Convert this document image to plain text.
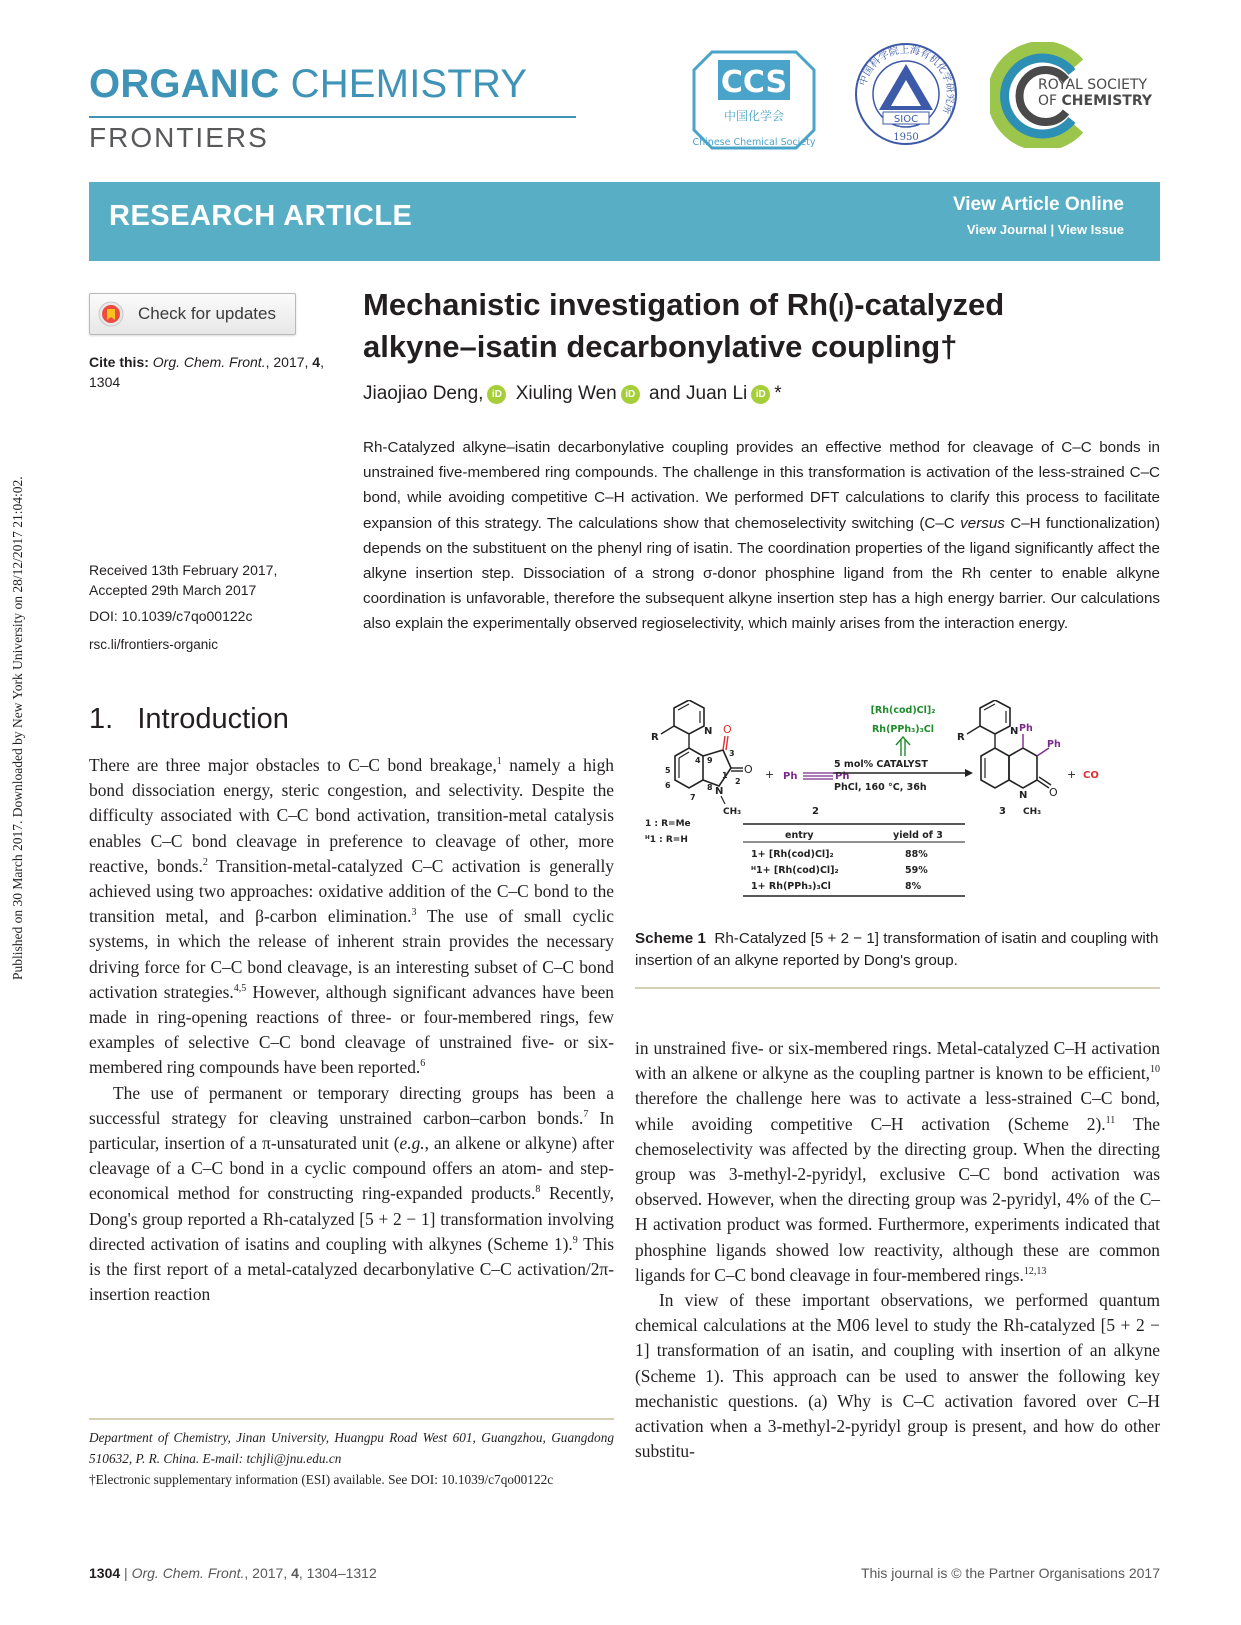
Published on 30 March 2017. Downloaded by New York University on 28/12/2017 21:04:02.
ORGANIC CHEMISTRY
FRONTIERS
CCS
中国化学会
Chinese Chemical Society
中国科学院上海有机化学研究所
SIOC
1950
ROYAL SOCIETY
OF CHEMISTRY
RESEARCH ARTICLE	View Article Online
View Journal | View Issue
Check for updates
Cite this: Org. Chem. Front., 2017, 4, 1304
Received 13th February 2017,
Accepted 29th March 2017
DOI: 10.1039/c7qo00122c
rsc.li/frontiers-organic
Mechanistic investigation of Rh(I)-catalyzed
alkyne–isatin decarbonylative coupling†
Jiaojiao Deng, iD Xiuling Wen iD and Juan Li iD *
Rh-Catalyzed alkyne–isatin decarbonylative coupling provides an effective method for cleavage of C–C bonds in unstrained five-membered ring compounds. The challenge in this transformation is activation of the less-strained C–C bond, while avoiding competitive C–H activation. We performed DFT calculations to clarify this process to facilitate expansion of this strategy. The calculations show that chemoselectivity switching (C–C versus C–H functionalization) depends on the substituent on the phenyl ring of isatin. The coordination properties of the ligand significantly affect the alkyne insertion step. Dissociation of a strong σ-donor phosphine ligand from the Rh center to enable alkyne coordination is unfavorable, therefore the subsequent alkyne insertion step has a high energy barrier. Our calculations also explain the experimentally observed regioselectivity, which mainly arises from the interaction energy.
1. Introduction

There are three major obstacles to C–C bond breakage,$^1$ namely a high bond dissociation energy, steric congestion, and selectivity. Despite the difficulty associated with C–C bond activation, transition-metal catalysis enables C–C bond cleavage in preference to cleavage of other, more reactive, bonds.$^2$ Transition-metal-catalyzed C–C activation is generally achieved using two approaches: oxidative addition of the C–C bond to the transition metal, and β-carbon elimination.$^3$ The use of small cyclic systems, in which the release of inherent strain provides the necessary driving force for C–C bond cleavage, is an interesting subset of C–C bond activation strategies.$^{4,5}$ However, although significant advances have been made in ring-opening reactions of three- or four-membered rings, few examples of selective C–C bond cleavage of unstrained five- or six-membered ring compounds have been reported.$^6$

The use of permanent or temporary directing groups has been a successful strategy for cleaving unstrained carbon–carbon bonds.$^7$ In particular, insertion of a π-unsaturated unit (e.g., an alkene or alkyne) after cleavage of a C–C bond in a cyclic compound offers an atom- and step-economical method for constructing ring-expanded products.$^8$ Recently, Dong's group reported a Rh-catalyzed [5 + 2 − 1] transformation involving directed activation of isatins and coupling with alkynes (Scheme 1).$^9$ This is the first report of a metal-catalyzed decarbonylative C–C activation/2π-insertion reaction

Department of Chemistry, Jinan University, Huangpu Road West 601, Guangzhou, Guangdong 510632, P. R. China. E-mail: tchjli@jnu.edu.cn
†Electronic supplementary information (ESI) available. See DOI: 10.1039/c7qo00122c
N
R
O
O
N
CH₃
4 9
3
5
1
2
6	8
7
1 : R=Me
ᴴ1 : R=H
+ Ph	Ph
2
[Rh(cod)Cl]₂
Rh(PPh₃)₃Cl
5 mol% CATALYST
PhCl, 160 °C, 36h
N
R
Ph
Ph
O
N
CH₃
3
+ CO
entry	yield of 3
1+ [Rh(cod)Cl]₂	88%
ᴴ1+ [Rh(cod)Cl]₂	59%
1+ Rh(PPh₃)₃Cl	8%
Scheme 1 Rh-Catalyzed [5 + 2 − 1] transformation of isatin and coupling with insertion of an alkyne reported by Dong's group.

in unstrained five- or six-membered rings. Metal-catalyzed C–H activation with an alkene or alkyne as the coupling partner is known to be efficient,$^{10}$ therefore the challenge here was to activate a less-strained C–C bond, while avoiding competitive C–H activation (Scheme 2).$^{11}$ The chemoselectivity was affected by the directing group. When the directing group was 3-methyl-2-pyridyl, exclusive C–C bond activation was observed. However, when the directing group was 2-pyridyl, 4% of the C–H activation product was formed. Furthermore, experiments indicated that phosphine ligands showed low reactivity, although these are common ligands for C–C bond cleavage in four-membered rings.$^{12,13}$

In view of these important observations, we performed quantum chemical calculations at the M06 level to study the Rh-catalyzed [5 + 2 − 1] transformation of an isatin, and coupling with insertion of an alkyne (Scheme 1). This approach can be used to answer the following key mechanistic questions. (a) Why is C–C activation favored over C–H activation when a 3-methyl-2-pyridyl group is present, and how do other substitu-

1304 | Org. Chem. Front., 2017, 4, 1304–1312	This journal is © the Partner Organisations 2017
